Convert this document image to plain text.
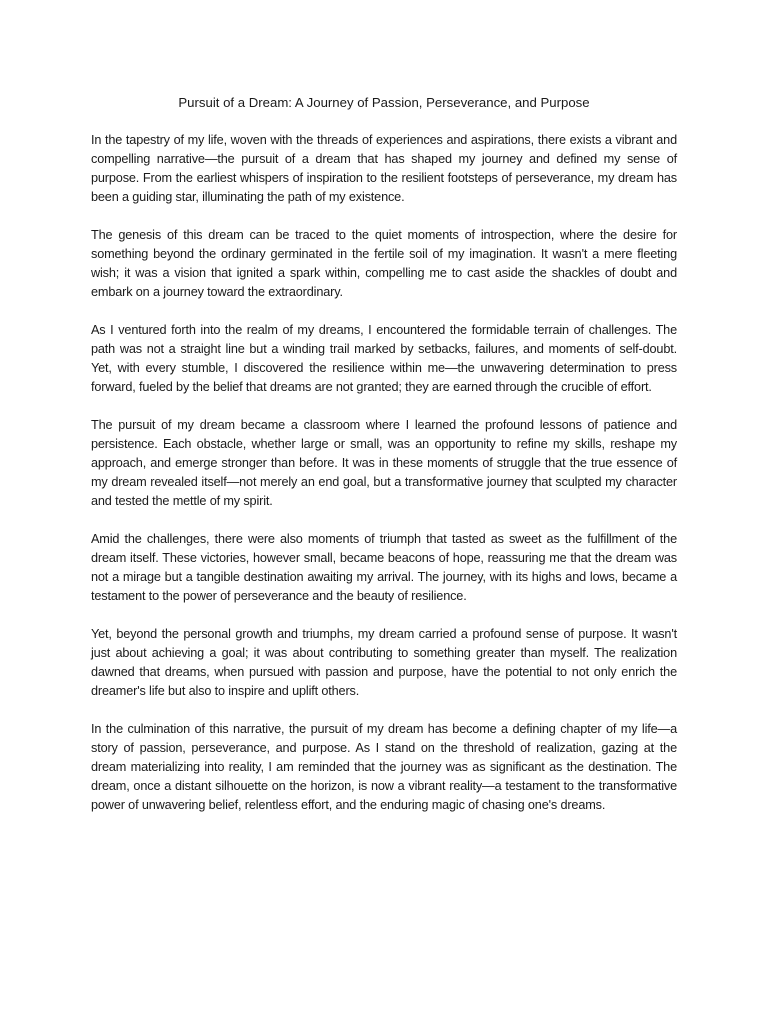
Pursuit of a Dream: A Journey of Passion, Perseverance, and Purpose

In the tapestry of my life, woven with the threads of experiences and aspirations, there exists a vibrant and compelling narrative—the pursuit of a dream that has shaped my journey and defined my sense of purpose. From the earliest whispers of inspiration to the resilient footsteps of perseverance, my dream has been a guiding star, illuminating the path of my existence.

The genesis of this dream can be traced to the quiet moments of introspection, where the desire for something beyond the ordinary germinated in the fertile soil of my imagination. It wasn't a mere fleeting wish; it was a vision that ignited a spark within, compelling me to cast aside the shackles of doubt and embark on a journey toward the extraordinary.

As I ventured forth into the realm of my dreams, I encountered the formidable terrain of challenges. The path was not a straight line but a winding trail marked by setbacks, failures, and moments of self-doubt. Yet, with every stumble, I discovered the resilience within me—the unwavering determination to press forward, fueled by the belief that dreams are not granted; they are earned through the crucible of effort.

The pursuit of my dream became a classroom where I learned the profound lessons of patience and persistence. Each obstacle, whether large or small, was an opportunity to refine my skills, reshape my approach, and emerge stronger than before. It was in these moments of struggle that the true essence of my dream revealed itself—not merely an end goal, but a transformative journey that sculpted my character and tested the mettle of my spirit.

Amid the challenges, there were also moments of triumph that tasted as sweet as the fulfillment of the dream itself. These victories, however small, became beacons of hope, reassuring me that the dream was not a mirage but a tangible destination awaiting my arrival. The journey, with its highs and lows, became a testament to the power of perseverance and the beauty of resilience.

Yet, beyond the personal growth and triumphs, my dream carried a profound sense of purpose. It wasn't just about achieving a goal; it was about contributing to something greater than myself. The realization dawned that dreams, when pursued with passion and purpose, have the potential to not only enrich the dreamer's life but also to inspire and uplift others.

In the culmination of this narrative, the pursuit of my dream has become a defining chapter of my life—a story of passion, perseverance, and purpose. As I stand on the threshold of realization, gazing at the dream materializing into reality, I am reminded that the journey was as significant as the destination. The dream, once a distant silhouette on the horizon, is now a vibrant reality—a testament to the transformative power of unwavering belief, relentless effort, and the enduring magic of chasing one's dreams.
